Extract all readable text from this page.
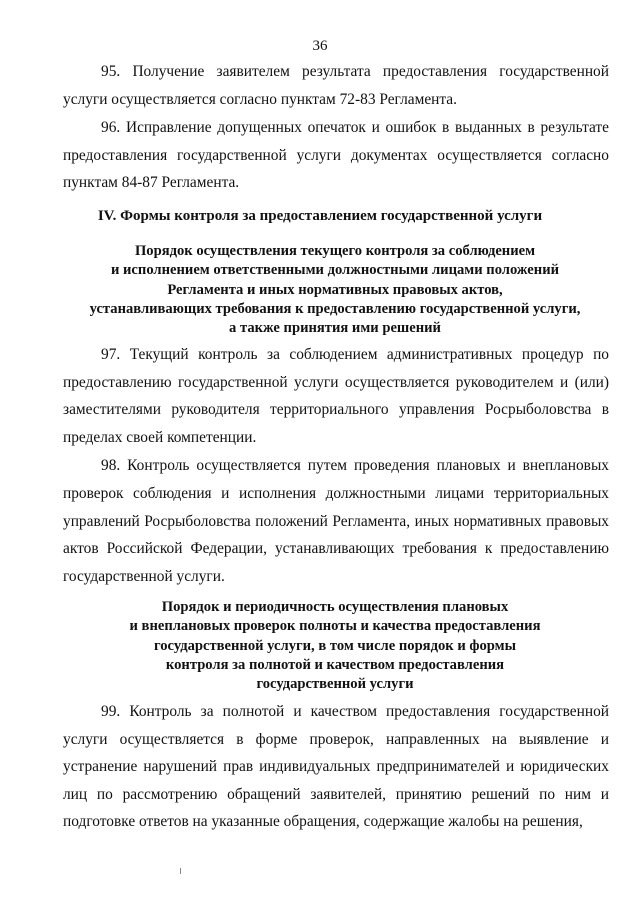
36

95. Получение заявителем результата предоставления государственной услуги осуществляется согласно пунктам 72-83 Регламента.

96. Исправление допущенных опечаток и ошибок в выданных в результате предоставления государственной услуги документах осуществляется согласно пунктам 84-87 Регламента.

IV. Формы контроля за предоставлением государственной услуги
Порядок осуществления текущего контроля за соблюдением
и исполнением ответственными должностными лицами положений
Регламента и иных нормативных правовых актов,
устанавливающих требования к предоставлению государственной услуги,
а также принятия ими решений

97. Текущий контроль за соблюдением административных процедур по предоставлению государственной услуги осуществляется руководителем и (или) заместителями руководителя территориального управления Росрыболовства в пределах своей компетенции.

98. Контроль осуществляется путем проведения плановых и внеплановых проверок соблюдения и исполнения должностными лицами территориальных управлений Росрыболовства положений Регламента, иных нормативных правовых актов Российской Федерации, устанавливающих требования к предоставлению государственной услуги.

Порядок и периодичность осуществления плановых
и внеплановых проверок полноты и качества предоставления
государственной услуги, в том числе порядок и формы
контроля за полнотой и качеством предоставления
государственной услуги

99. Контроль за полнотой и качеством предоставления государственной услуги осуществляется в форме проверок, направленных на выявление и устранение нарушений прав индивидуальных предпринимателей и юридических лиц по рассмотрению обращений заявителей, принятию решений по ним и подготовке ответов на указанные обращения, содержащие жалобы на решения,
